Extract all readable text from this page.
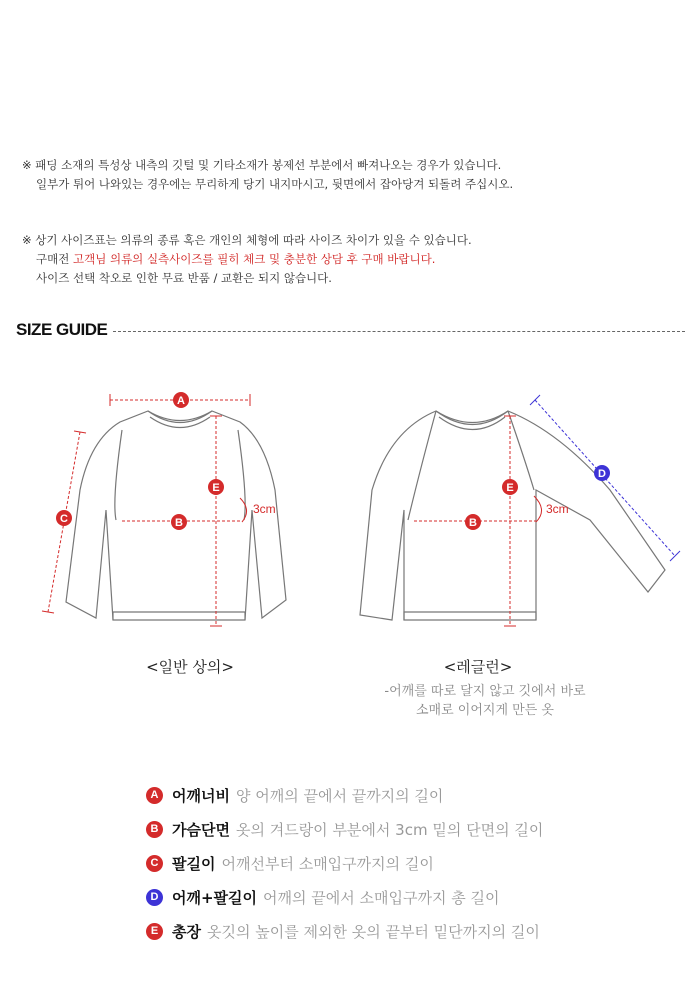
※ 패딩 소재의 특성상 내측의 깃털 및 기타소재가 봉제선 부분에서 빠져나오는 경우가 있습니다.
일부가 튀어 나와있는 경우에는 무리하게 당기 내지마시고, 뒷면에서 잡아당겨 되돌려 주십시오.
※ 상기 사이즈표는 의류의 종류 혹은 개인의 체형에 따라 사이즈 차이가 있을 수 있습니다.
구매전 고객님 의류의 실측사이즈를 필히 체크 및 충분한 상담 후 구매 바랍니다.
사이즈 선택 착오로 인한 무료 반품 / 교환은 되지 않습니다.
SIZE GUIDE
A
B
C
E
B
E
D
3cm	3cm
<일반 상의>	<레글런>
-어깨를 따로 달지 않고 깃에서 바로
소매로 이어지게 만든 옷
A 어깨너비 양 어깨의 끝에서 끝까지의 길이
B 가슴단면 옷의 겨드랑이 부분에서 3cm 밑의 단면의 길이
C 팔길이 어깨선부터 소매입구까지의 길이
D 어깨+팔길이 어깨의 끝에서 소매입구까지 총 길이
E 총장 옷깃의 높이를 제외한 옷의 끝부터 밑단까지의 길이
